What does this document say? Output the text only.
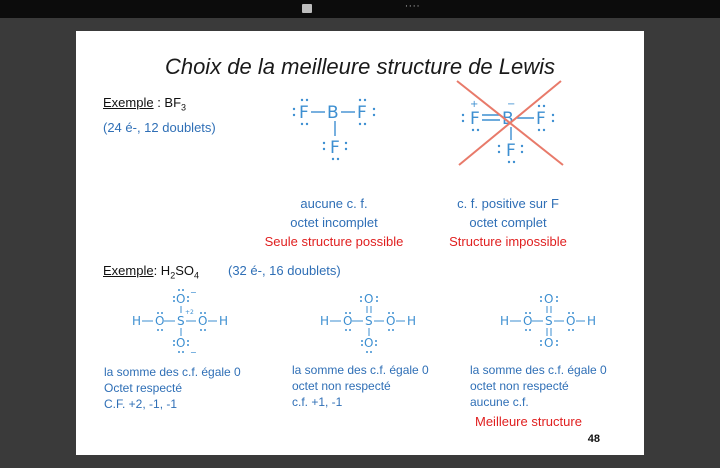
····
Choix de la meilleure structure de Lewis
Exemple : $BF_3$
(24 é-, 12 doublets)
F B F
F
F B F
F
+	−
aucune c. f.
octet incomplet
Seule structure possible
c. f. positive sur F
octet complet
Structure impossible
Exemple: $H_2SO_4$ (32 é-, 16 doublets)
H O S O H
O
O
+2
−
−
H O S O H
O
O
H O S O H
O
O
la somme des c.f. égale 0
Octet respecté
C.F. +2, -1, -1
la somme des c.f. égale 0
octet non respecté
c.f. +1, -1
la somme des c.f. égale 0
octet non respecté
aucune c.f.
Meilleure structure
48
